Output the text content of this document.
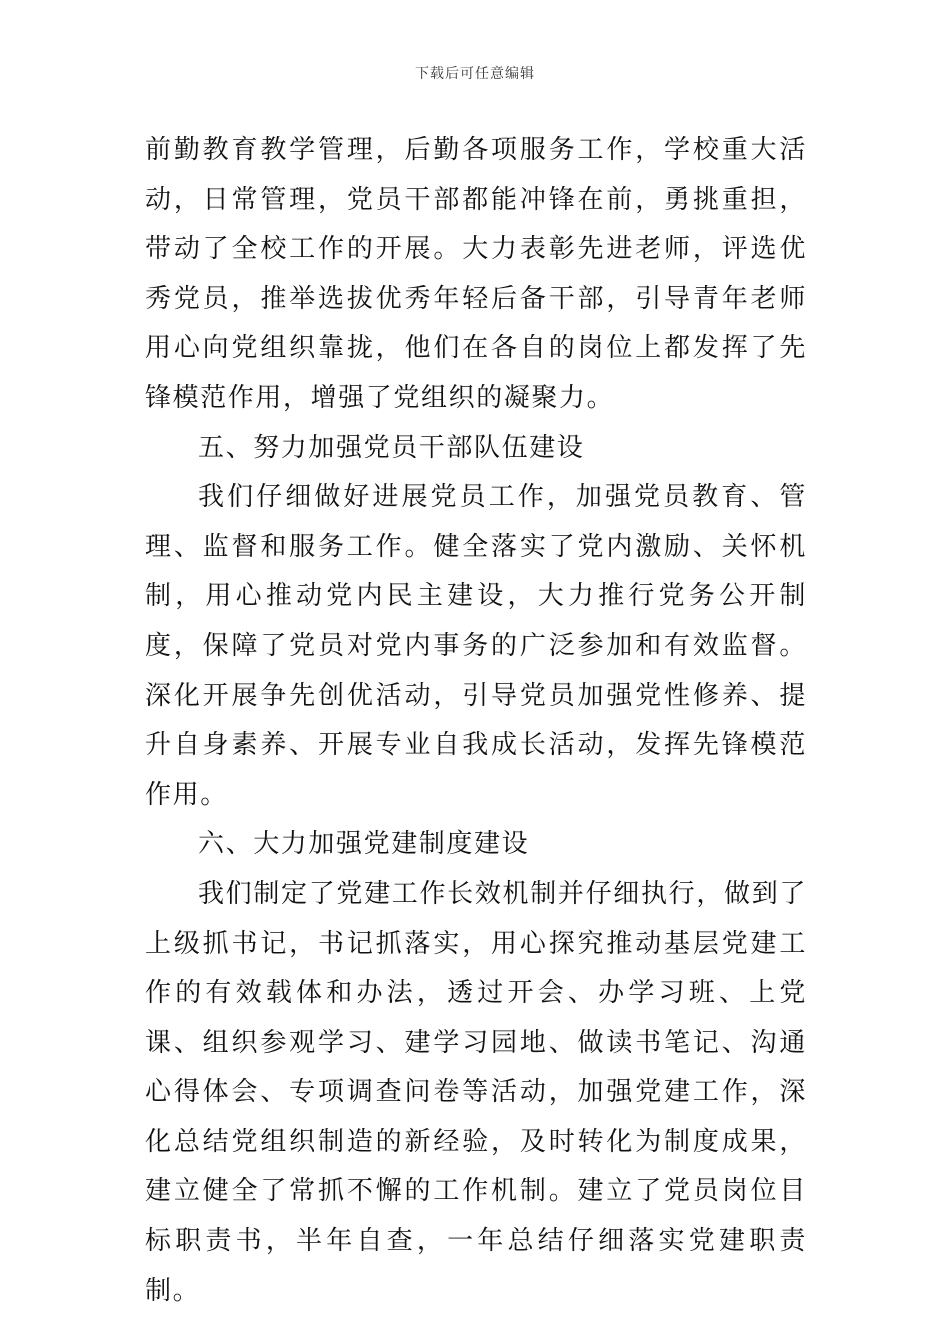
下载后可任意编辑

前勤教育教学管理，后勤各项服务工作，学校重大活动，日常管理，党员干部都能冲锋在前，勇挑重担，带动了全校工作的开展。大力表彰先进老师，评选优秀党员，推举选拔优秀年轻后备干部，引导青年老师用心向党组织靠拢，他们在各自的岗位上都发挥了先锋模范作用，增强了党组织的凝聚力。

五、努力加强党员干部队伍建设

我们仔细做好进展党员工作，加强党员教育、管理、监督和服务工作。健全落实了党内激励、关怀机制，用心推动党内民主建设，大力推行党务公开制度，保障了党员对党内事务的广泛参加和有效监督。深化开展争先创优活动，引导党员加强党性修养、提升自身素养、开展专业自我成长活动，发挥先锋模范作用。

六、大力加强党建制度建设

我们制定了党建工作长效机制并仔细执行，做到了上级抓书记，书记抓落实，用心探究推动基层党建工作的有效载体和办法，透过开会、办学习班、上党课、组织参观学习、建学习园地、做读书笔记、沟通心得体会、专项调查问卷等活动，加强党建工作，深化总结党组织制造的新经验，及时转化为制度成果，建立健全了常抓不懈的工作机制。建立了党员岗位目标职责书，半年自查，一年总结仔细落实党建职责制。
